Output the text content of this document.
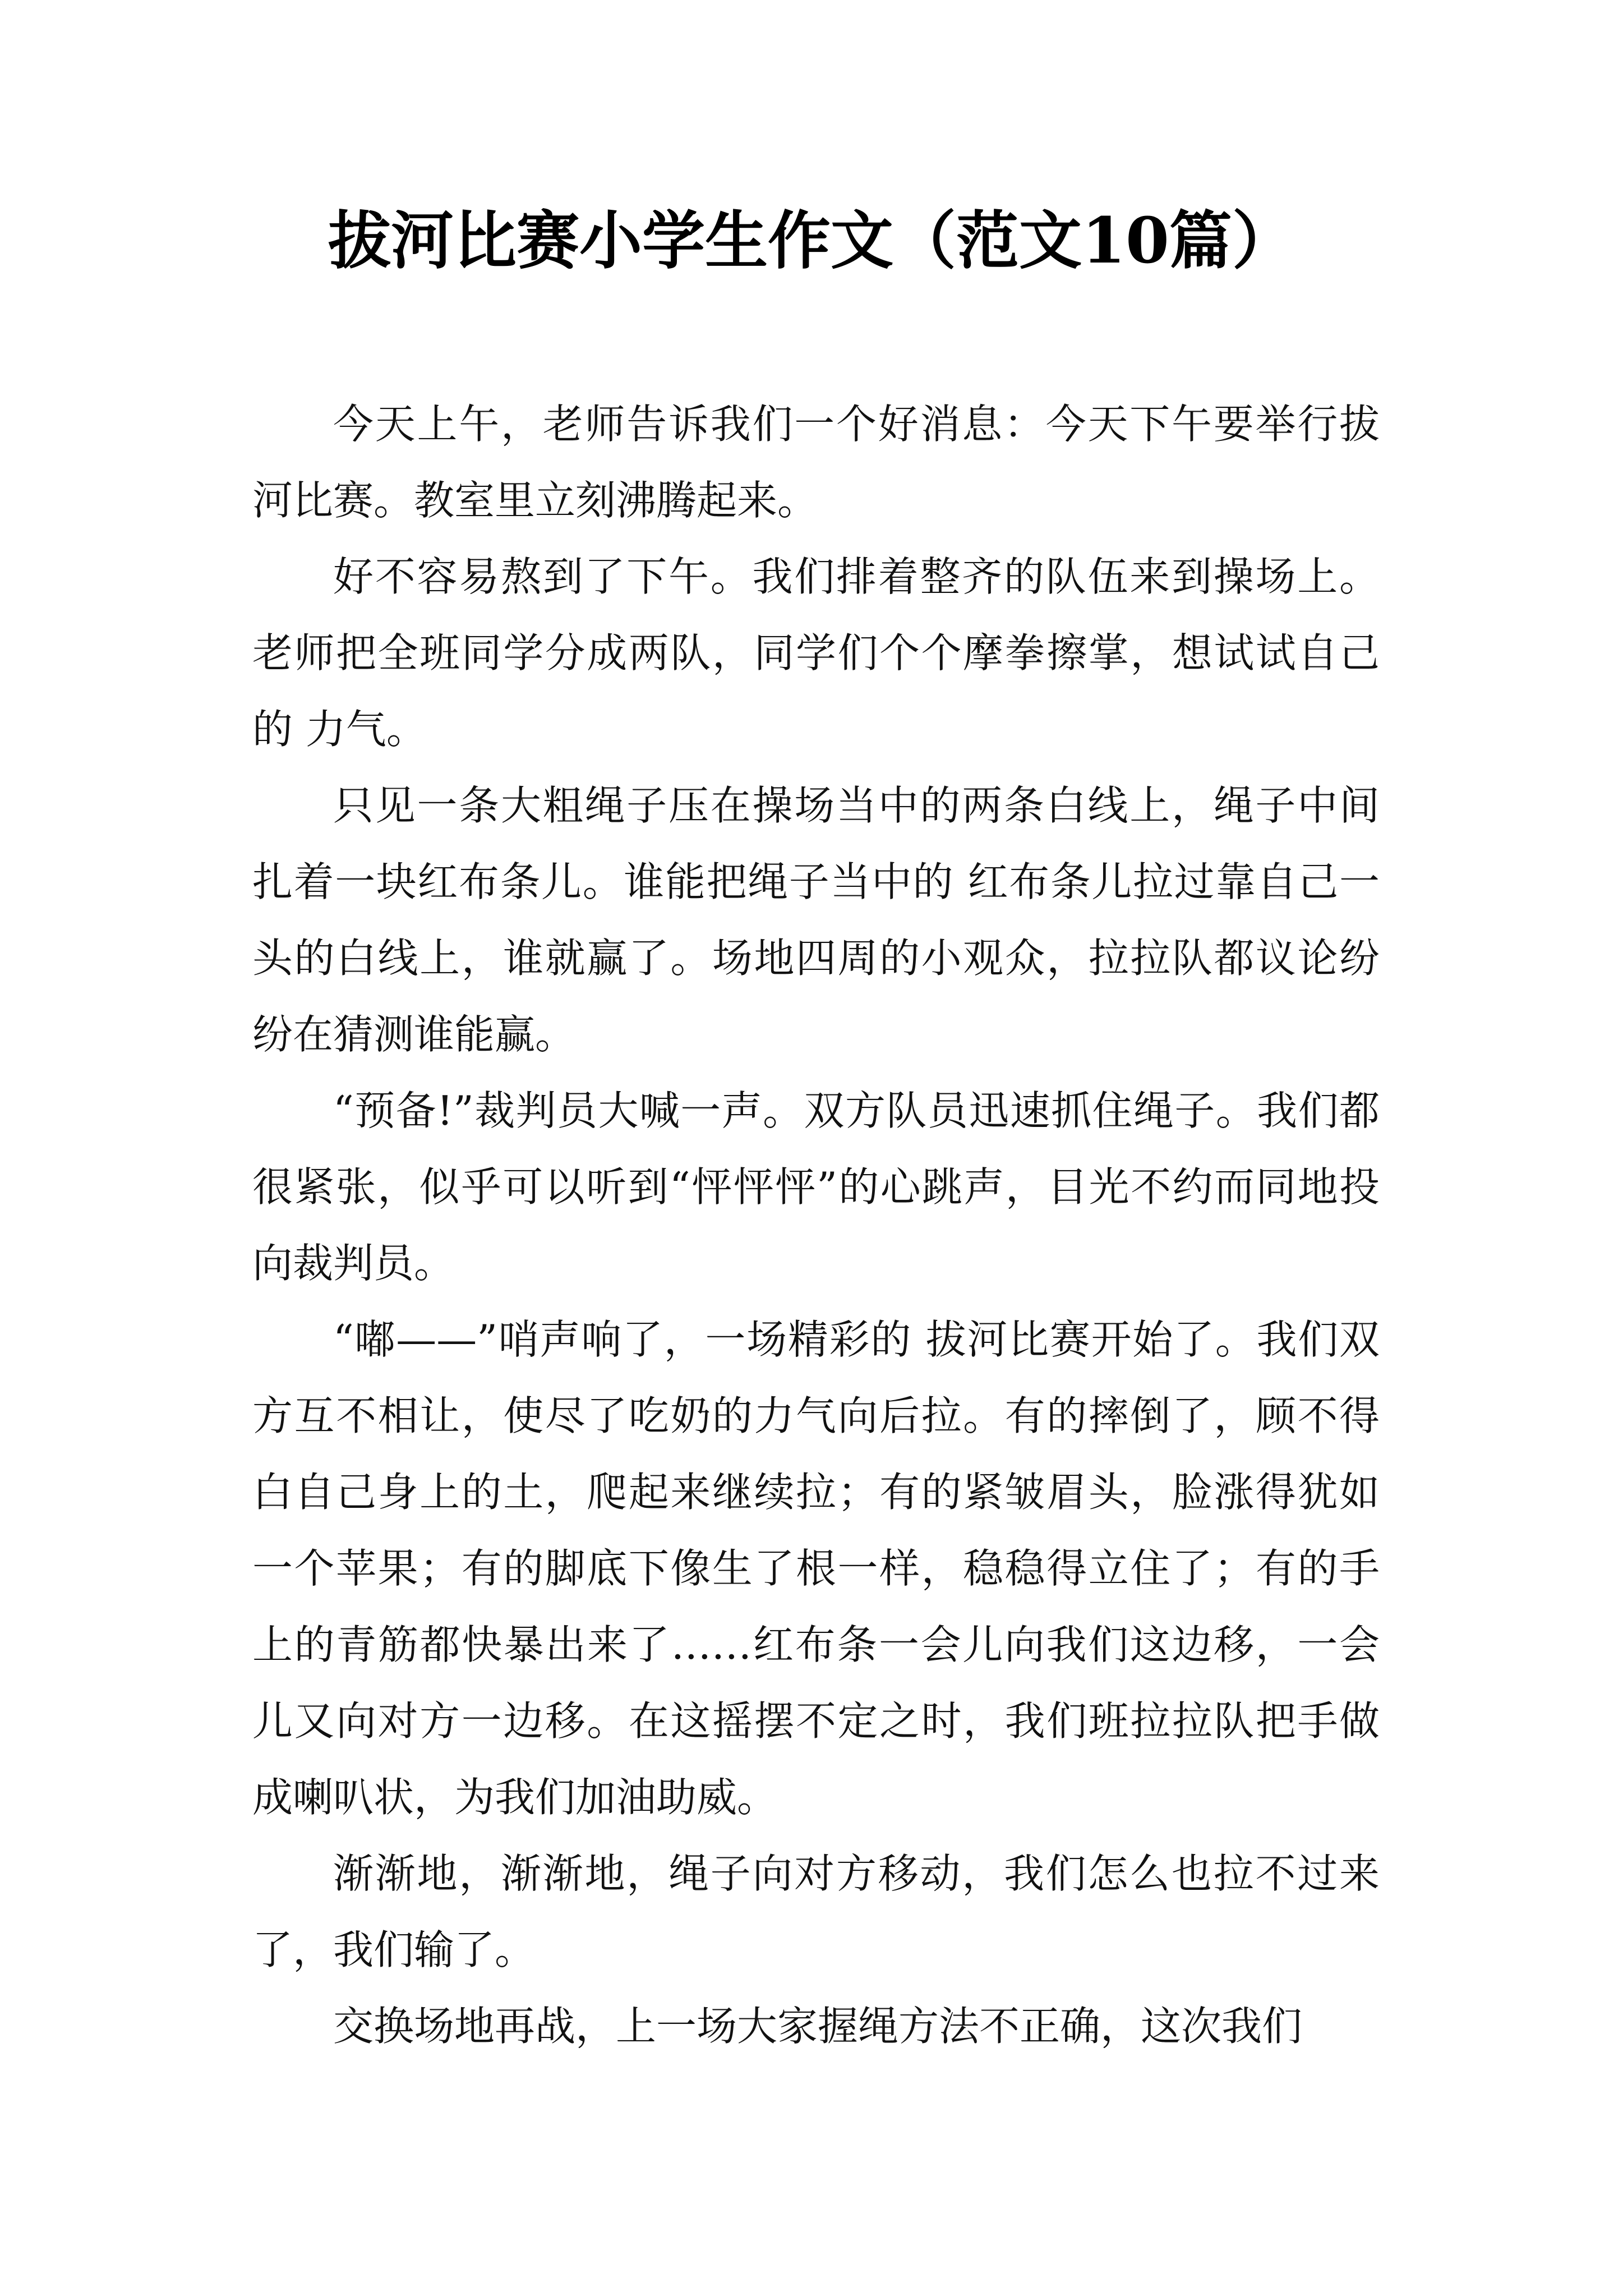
拔河比赛小学生作文（范文10篇）

今天上午，老师告诉我们一个好消息：今天下午要举行拔河比赛。教室里立刻沸腾起来。

好不容易熬到了下午。我们排着整齐的队伍来到操场上。老师把全班同学分成两队，同学们个个摩拳擦掌，想试试自己的 力气。

只见一条大粗绳子压在操场当中的两条白线上，绳子中间扎着一块红布条儿。谁能把绳子当中的 红布条儿拉过靠自己一头的白线上，谁就赢了。场地四周的小观众，拉拉队都议论纷纷在猜测谁能赢。

“预备!”裁判员大喊一声。双方队员迅速抓住绳子。我们都很紧张，似乎可以听到“怦怦怦”的心跳声，目光不约而同地投向裁判员。

“嘟——”哨声响了，一场精彩的 拔河比赛开始了。我们双方互不相让，使尽了吃奶的力气向后拉。有的摔倒了，顾不得白自己身上的土，爬起来继续拉；有的紧皱眉头，脸涨得犹如一个苹果；有的脚底下像生了根一样，稳稳得立住了；有的手上的青筋都快暴出来了……红布条一会儿向我们这边移，一会儿又向对方一边移。在这摇摆不定之时，我们班拉拉队把手做成喇叭状，为我们加油助威。

渐渐地，渐渐地，绳子向对方移动，我们怎么也拉不过来了，我们输了。

交换场地再战，上一场大家握绳方法不正确，这次我们
